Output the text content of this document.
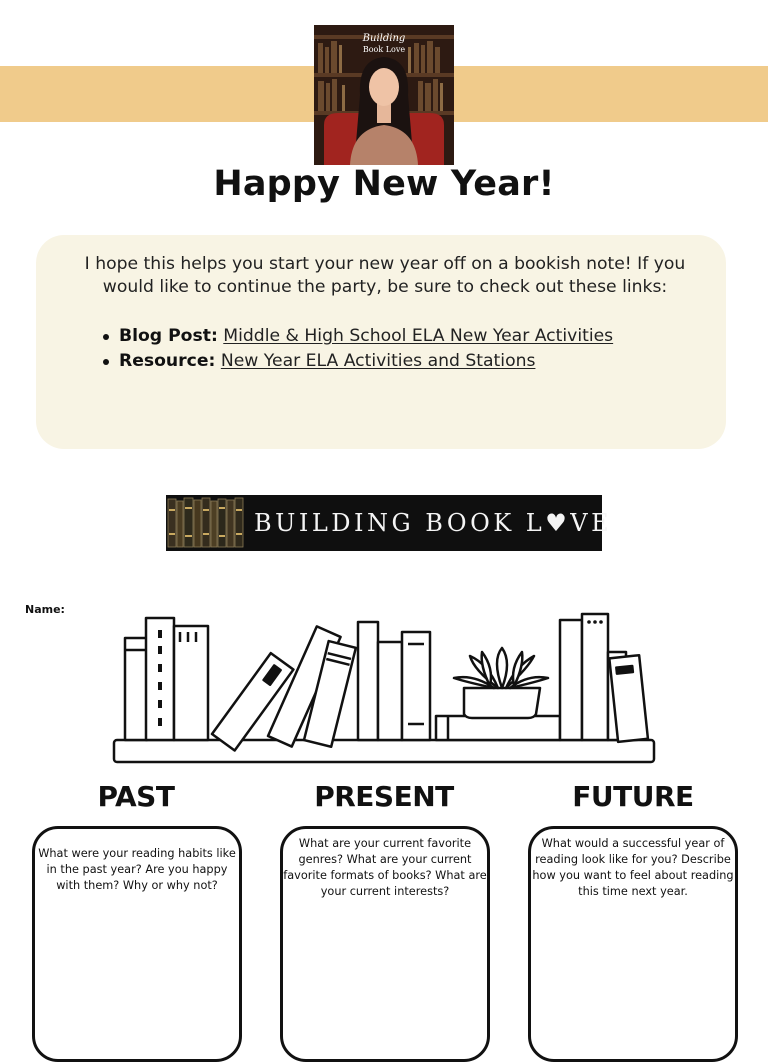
Building
Book Love
Happy New Year!
I hope this helps you start your new year off on a bookish note! If you would like to continue the party, be sure to check out these links:
Blog Post: Middle & High School ELA New Year Activities
Resource: New Year ELA Activities and Stations
BUILDING BOOK L♥VE
Name:
PAST	PRESENT	FUTURE
What were your reading habits like in the past year? Are you happy with them? Why or why not?
What are your current favorite genres? What are your current favorite formats of books? What are your current interests?
What would a successful year of reading look like for you? Describe how you want to feel about reading this time next year.
